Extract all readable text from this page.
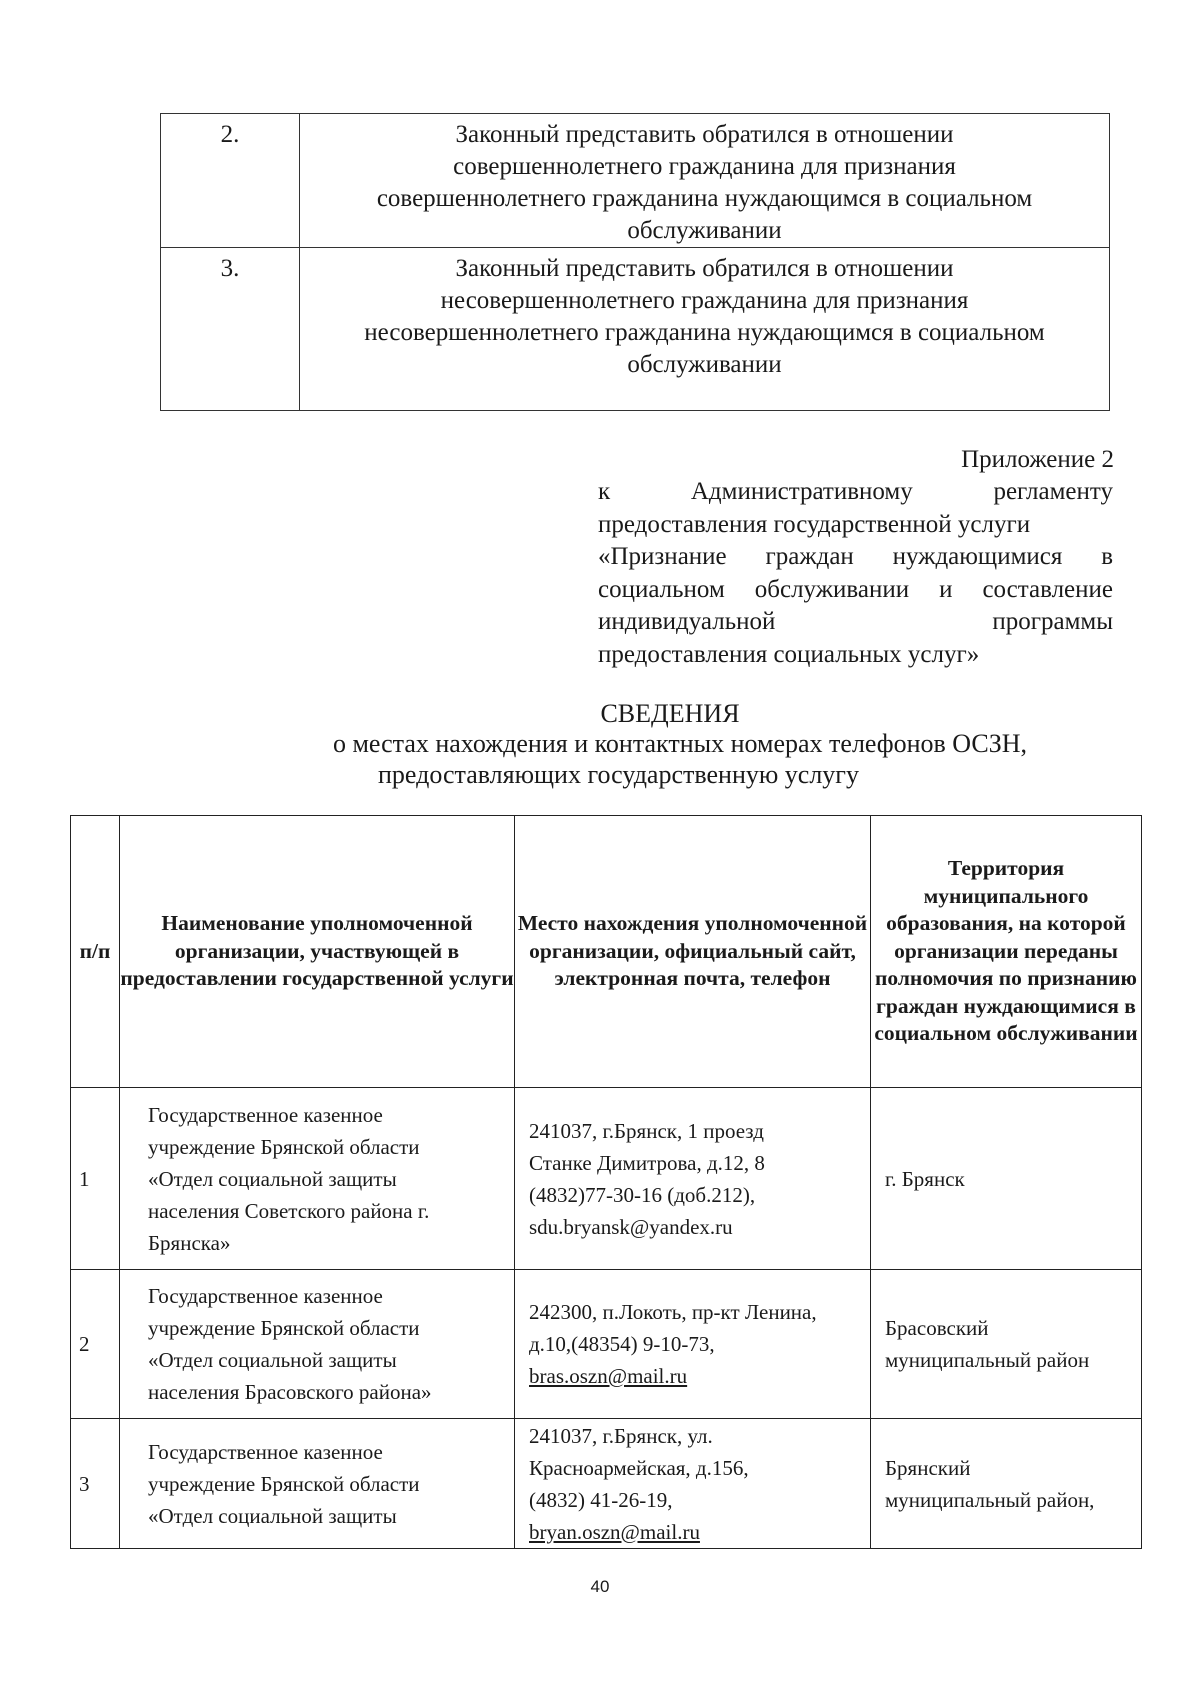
2.	Законный представить обратился в отношении
совершеннолетнего гражданина для признания
совершеннолетнего гражданина нуждающимся в социальном
обслуживании

3.	Законный представить обратился в отношении
несовершеннолетнего гражданина для признания
несовершеннолетнего гражданина нуждающимся в социальном
обслуживании
Приложение 2
к Административному регламенту
предоставления государственной услуги
«Признание граждан нуждающимися в
социальном обслуживании и составление
индивидуальной программы
предоставления социальных услуг»
СВЕДЕНИЯ
о местах нахождения и контактных номерах телефонов ОСЗН,
предоставляющих государственную услугу
п/п	Наименование уполномоченной организации, участвующей в предоставлении государственной услуги	Место нахождения уполномоченной организации, официальный сайт, электронная почта, телефон	Территория муниципального образования, на которой организации переданы полномочия по признанию граждан нуждающимися в социальном обслуживании
1	Государственное казенное
учреждение Брянской области
«Отдел социальной защиты
населения Советского района г.
Брянска»	241037, г.Брянск, 1 проезд
Станке Димитрова, д.12, 8
(4832)77-30-16 (доб.212),
sdu.bryansk@yandex.ru	г. Брянск

2	Государственное казенное
учреждение Брянской области
«Отдел социальной защиты
населения Брасовского района»	242300, п.Локоть, пр-кт Ленина,
д.10,(48354) 9-10-73,
bras.oszn@mail.ru	Брасовский
муниципальный район

3	Государственное казенное
учреждение Брянской области
«Отдел социальной защиты	241037, г.Брянск, ул.
Красноармейская, д.156,
(4832) 41-26-19,
bryan.oszn@mail.ru	Брянский
муниципальный район,
40
